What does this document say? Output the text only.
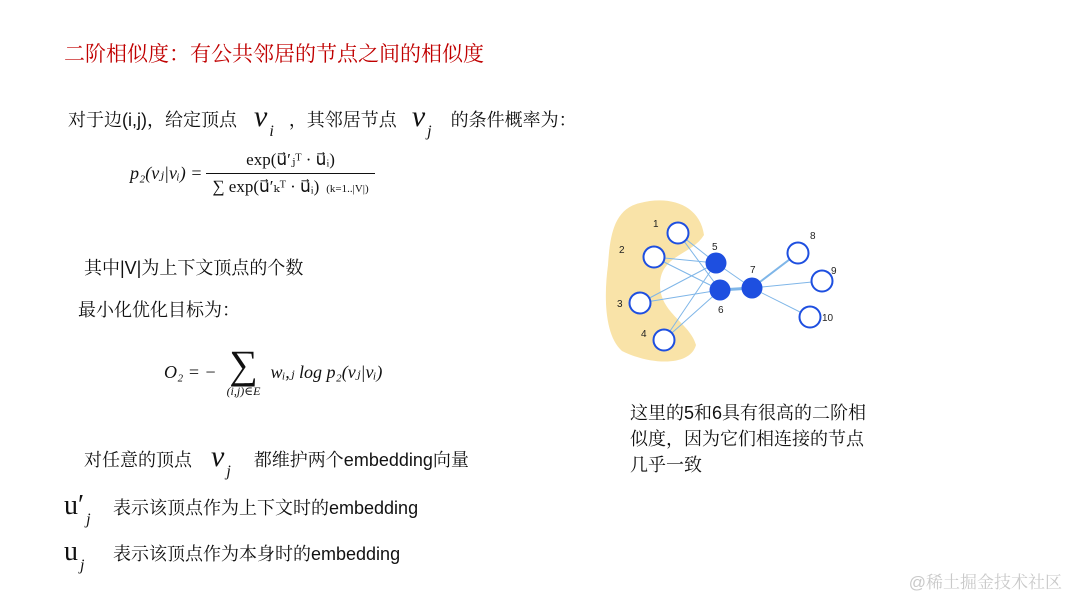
二阶相似度：有公共邻居的节点之间的相似度
对于边(i,j)，给定顶点 v i ，其邻居节点 v j 的条件概率为：
p₂(vⱼ|vᵢ) = $\frac{\text{exp(u⃗′ⱼᵀ · u⃗ᵢ)}}{\text{∑ exp(u⃗′ₖᵀ · u⃗ᵢ)  (k=1..|V|)}}$
其中|V|为上下文顶点的个数
最小化优化目标为：
O₂ = − ∑
(i,j)∈E
wᵢ,ⱼ log p₂(vⱼ|vᵢ)
对任意的顶点 v j 都维护两个embedding向量
u′ j 表示该顶点作为上下文时的embedding
u j 表示该顶点作为本身时的embedding
1
2
3
4
5
6
7
8
9
10
这里的5和6具有很高的二阶相似度，因为它们相连接的节点几乎一致
@稀土掘金技术社区
